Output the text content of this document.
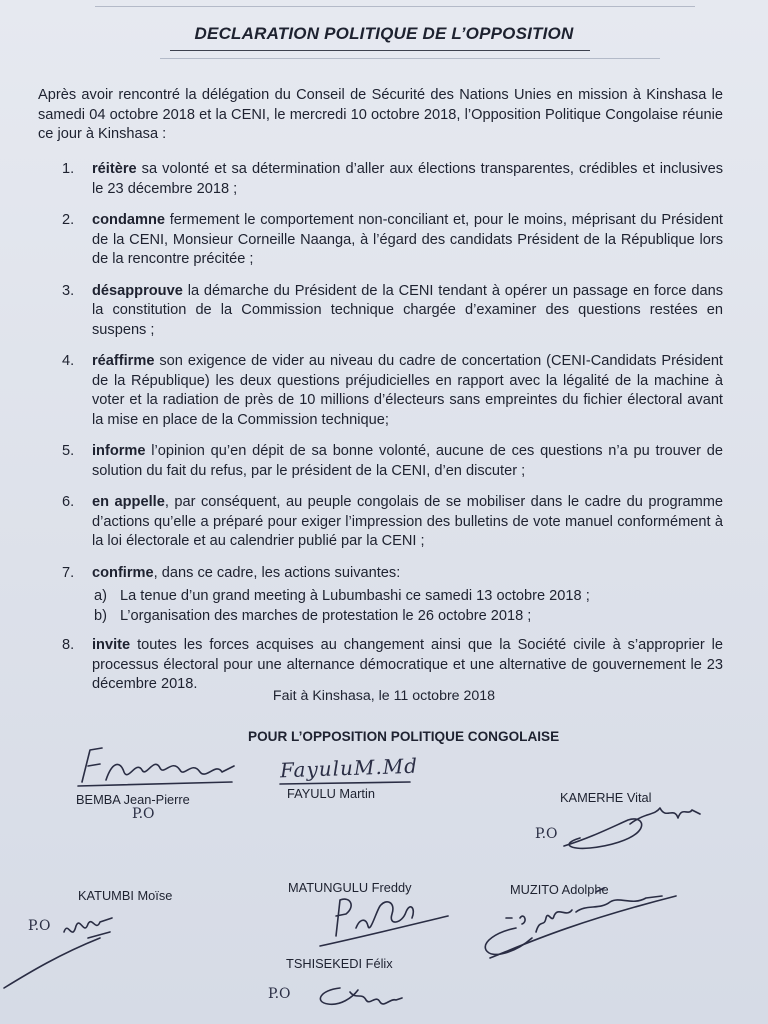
DECLARATION POLITIQUE DE L’OPPOSITION
Après avoir rencontré la délégation du Conseil de Sécurité des Nations Unies en mission à Kinshasa le samedi 04 octobre 2018 et la CENI, le mercredi 10 octobre 2018, l’Opposition Politique Congolaise réunie ce jour à Kinshasa :
1. réitère sa volonté et sa détermination d’aller aux élections transparentes, crédibles et inclusives le 23 décembre 2018 ;
2. condamne fermement le comportement non-conciliant et, pour le moins, méprisant du Président de la CENI, Monsieur Corneille Naanga, à l’égard des candidats Président de la République lors de la rencontre précitée ;
3. désapprouve la démarche du Président de la CENI tendant à opérer un passage en force dans la constitution de la Commission technique chargée d’examiner des questions restées en suspens ;
4. réaffirme son exigence de vider au niveau du cadre de concertation (CENI-Candidats Président de la République) les deux questions préjudicielles en rapport avec la légalité de la machine à voter et la radiation de près de 10 millions d’électeurs sans empreintes du fichier électoral avant la mise en place de la Commission technique;
5. informe l’opinion qu’en dépit de sa bonne volonté, aucune de ces questions n’a pu trouver de solution du fait du refus, par le président de la CENI, d’en discuter ;
6. en appelle, par conséquent, au peuple congolais de se mobiliser dans le cadre du programme d’actions qu’elle a préparé pour exiger l’impression des bulletins de vote manuel conformément à la loi électorale et au calendrier publié par la CENI ;
7. confirme, dans ce cadre, les actions suivantes:
a) La tenue d’un grand meeting à Lubumbashi ce samedi 13 octobre 2018 ;
b) L’organisation des marches de protestation le 26 octobre 2018 ;
8. invite toutes les forces acquises au changement ainsi que la Société civile à s’approprier le processus électoral pour une alternance démocratique et une alternative de gouvernement le 23 décembre 2018.
Fait à Kinshasa, le 11 octobre 2018
POUR L’OPPOSITION POLITIQUE CONGOLAISE
BEMBA Jean-Pierre
P.O
FayuluM.Md
FAYULU Martin	KAMERHE Vital
P.O
KATUMBI Moïse
P.O
MATUNGULU Freddy	MUZITO Adolphe
TSHISEKEDI Félix
P.O
